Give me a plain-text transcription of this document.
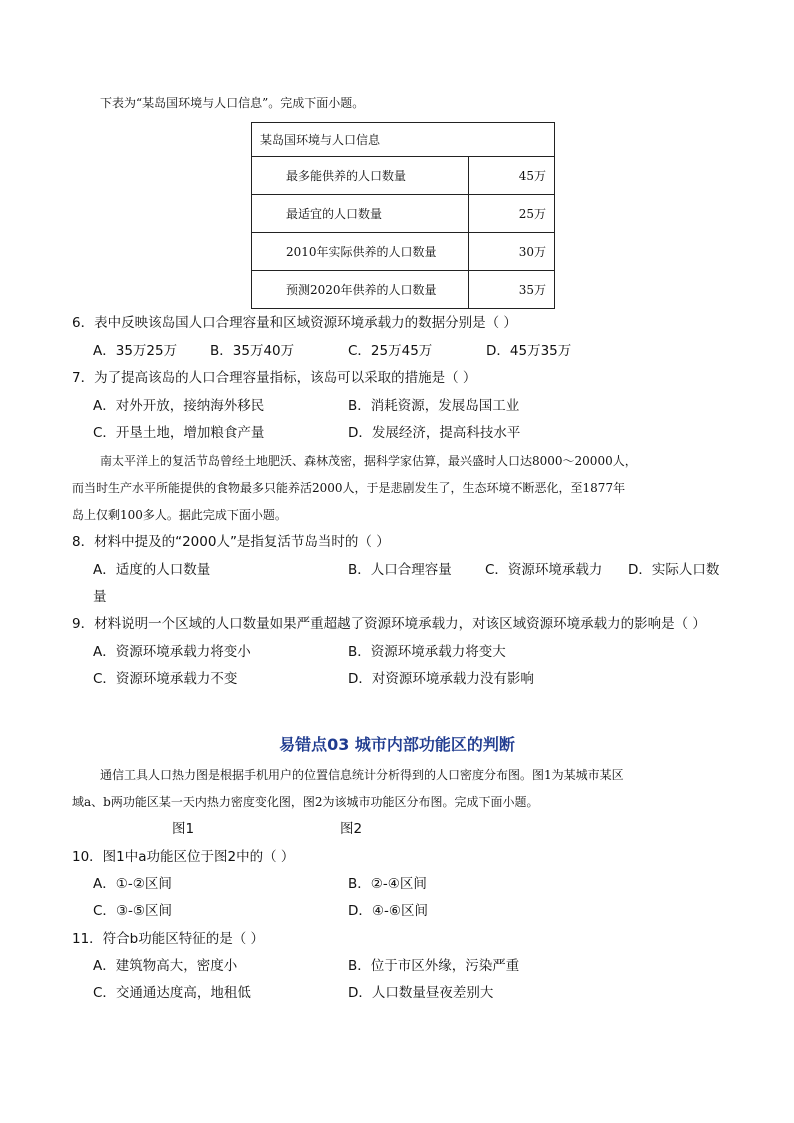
下表为“某岛国环境与人口信息”。完成下面小题。
某岛国环境与人口信息	
最多能供养的人口数量	45万
最适宜的人口数量	25万
2010年实际供养的人口数量	30万
预测2020年供养的人口数量	35万
6．表中反映该岛国人口合理容量和区域资源环境承载力的数据分别是（ ）
A．35万25万 B．35万40万	C．25万45万	D．45万35万
7．为了提高该岛的人口合理容量指标，该岛可以采取的措施是（ ）
A．对外开放，接纳海外移民	B．消耗资源，发展岛国工业
C．开垦土地，增加粮食产量	D．发展经济，提高科技水平
南太平洋上的复活节岛曾经土地肥沃、森林茂密，据科学家估算，最兴盛时人口达8000～20000人，
而当时生产水平所能提供的食物最多只能养活2000人，于是悲剧发生了，生态环境不断恶化，至1877年
岛上仅剩100多人。据此完成下面小题。
8．材料中提及的“2000人”是指复活节岛当时的（ ）
A．适度的人口数量	B．人口合理容量 C．资源环境承载力 D．实际人口数
量
9．材料说明一个区域的人口数量如果严重超越了资源环境承载力，对该区域资源环境承载力的影响是（ ）
A．资源环境承载力将变小	B．资源环境承载力将变大
C．资源环境承载力不变	D．对资源环境承载力没有影响
易错点03 城市内部功能区的判断
通信工具人口热力图是根据手机用户的位置信息统计分析得到的人口密度分布图。图1为某城市某区
域a、b两功能区某一天内热力密度变化图，图2为该城市功能区分布图。完成下面小题。
图1	图2
10．图1中a功能区位于图2中的（ ）
A．①-②区间	B．②-④区间
C．③-⑤区间	D．④-⑥区间
11．符合b功能区特征的是（ ）
A．建筑物高大，密度小	B．位于市区外缘，污染严重
C．交通通达度高，地租低	D．人口数量昼夜差别大
